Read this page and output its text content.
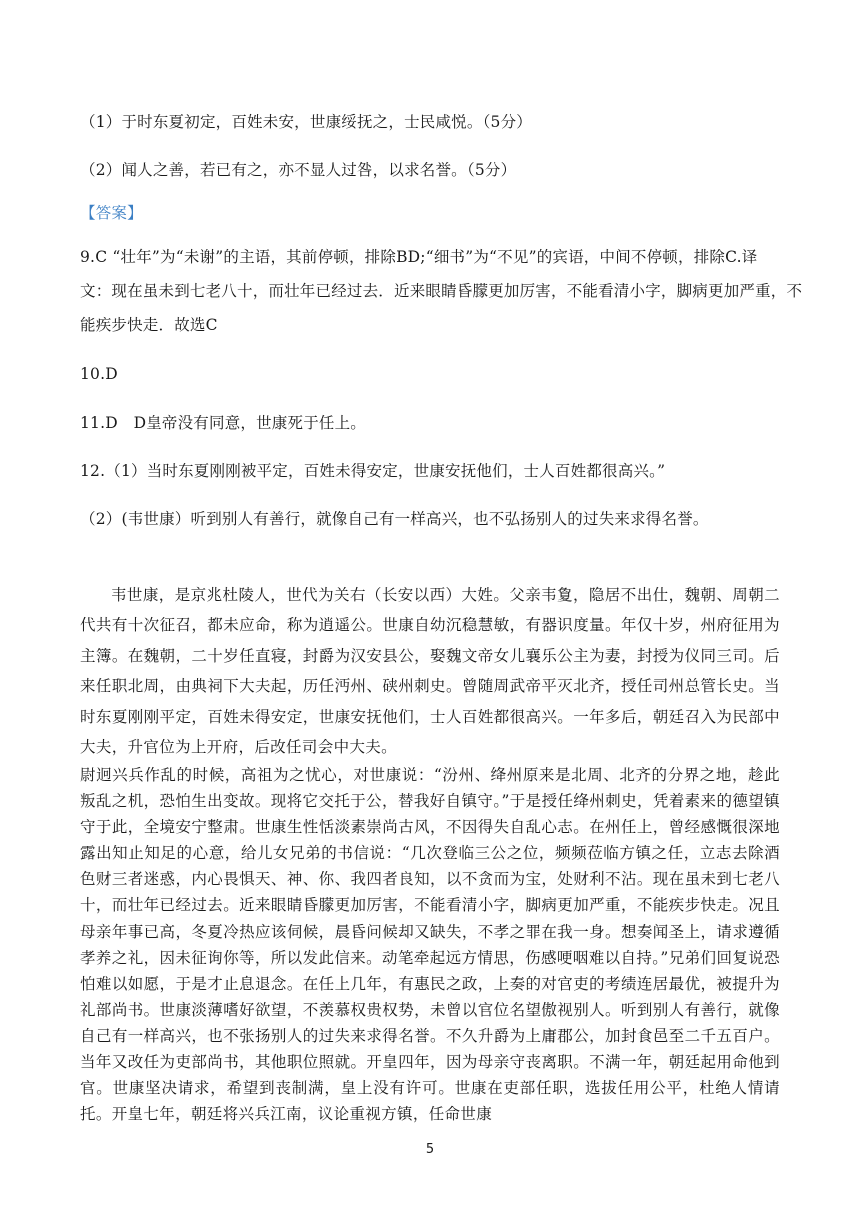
（1）于时东夏初定，百姓未安，世康绥抚之，士民咸悦。（5分）
（2）闻人之善，若已有之，亦不显人过咎，以求名誉。（5分）
【答案】
9.C “壮年”为“未谢”的主语，其前停顿，排除BD;“细书”为“不见”的宾语，中间不停顿，排除C.译
文：现在虽未到七老八十，而壮年已经过去．近来眼睛昏朦更加厉害，不能看清小字，脚病更加严重，不
能疾步快走．故选C
10.D
11.D　D皇帝没有同意，世康死于任上。
12.（1）当时东夏刚刚被平定，百姓未得安定，世康安抚他们，士人百姓都很高兴。”
（2）(韦世康）听到别人有善行，就像自己有一样高兴，也不弘扬别人的过失来求得名誉。
韦世康，是京兆杜陵人，世代为关右（长安以西）大姓。父亲韦夐，隐居不出仕，魏朝、周朝二代共有十次征召，都未应命，称为逍遥公。世康自幼沉稳慧敏，有器识度量。年仅十岁，州府征用为主簿。在魏朝，二十岁任直寝，封爵为汉安县公，娶魏文帝女儿襄乐公主为妻，封授为仪同三司。后来任职北周，由典祠下大夫起，历任沔州、硖州刺史。曾随周武帝平灭北齐，授任司州总管长史。当时东夏刚刚平定，百姓未得安定，世康安抚他们，士人百姓都很高兴。一年多后，朝廷召入为民部中大夫，升官位为上开府，后改任司会中大夫。
尉迥兴兵作乱的时候，高祖为之忧心，对世康说：“汾州、绛州原来是北周、北齐的分界之地，趁此叛乱之机，恐怕生出变故。现将它交托于公，替我好自镇守。”于是授任绛州刺史，凭着素来的德望镇守于此，全境安宁整肃。世康生性恬淡素崇尚古风，不因得失自乱心志。在州任上，曾经感慨很深地露出知止知足的心意，给儿女兄弟的书信说：“几次登临三公之位，频频莅临方镇之任，立志去除酒色财三者迷惑，内心畏惧天、神、你、我四者良知，以不贪而为宝，处财利不沾。现在虽未到七老八十，而壮年已经过去。近来眼睛昏朦更加厉害，不能看清小字，脚病更加严重，不能疾步快走。况且母亲年事已高，冬夏冷热应该伺候，晨昏问候却又缺失，不孝之罪在我一身。想奏闻圣上，请求遵循孝养之礼，因未征询你等，所以发此信来。动笔牵起远方情思，伤感哽咽难以自持。”兄弟们回复说恐怕难以如愿，于是才止息退念。在任上几年，有惠民之政，上奏的对官吏的考绩连居最优，被提升为礼部尚书。世康淡薄嗜好欲望，不羡慕权贵权势，未曾以官位名望傲视别人。听到别人有善行，就像自己有一样高兴，也不张扬别人的过失来求得名誉。不久升爵为上庸郡公，加封食邑至二千五百户。当年又改任为吏部尚书，其他职位照就。开皇四年，因为母亲守丧离职。不满一年，朝廷起用命他到官。世康坚决请求，希望到丧制满，皇上没有许可。世康在吏部任职，选拔任用公平，杜绝人情请托。开皇七年，朝廷将兴兵江南，议论重视方镇，任命世康
5
